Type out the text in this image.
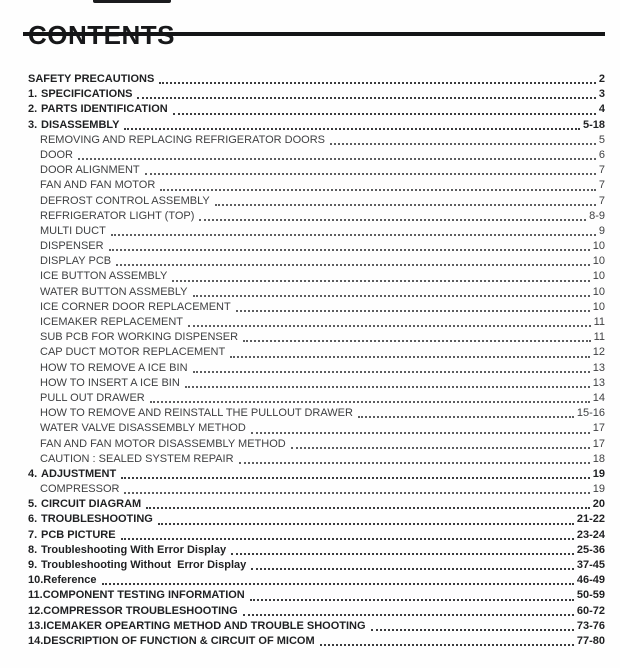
SAFETY PRECAUTIONS	2
1. SPECIFICATIONS	3
2. PARTS IDENTIFICATION	4
3. DISASSEMBLY	5-18
REMOVING AND REPLACING REFRIGERATOR DOORS	5
DOOR	6
DOOR ALIGNMENT	7
FAN AND FAN MOTOR	7
DEFROST CONTROL ASSEMBLY	7
REFRIGERATOR LIGHT (TOP)	8-9
MULTI DUCT	9
DISPENSER	10
DISPLAY PCB	10
ICE BUTTON ASSEMBLY	10
WATER BUTTON ASSMEBLY	10
ICE CORNER DOOR REPLACEMENT	10
ICEMAKER REPLACEMENT	11
SUB PCB FOR WORKING DISPENSER	11
CAP DUCT MOTOR REPLACEMENT	12
HOW TO REMOVE A ICE BIN	13
HOW TO INSERT A ICE BIN	13
PULL OUT DRAWER	14
HOW TO REMOVE AND REINSTALL THE PULLOUT DRAWER	15-16
WATER VALVE DISASSEMBLY METHOD	17
FAN AND FAN MOTOR DISASSEMBLY METHOD	17
CAUTION : SEALED SYSTEM REPAIR	18
4. ADJUSTMENT	19
COMPRESSOR	19
5. CIRCUIT DIAGRAM	20
6. TROUBLESHOOTING	21-22
7. PCB PICTURE	23-24
8. Troubleshooting With Error Display	25-36
9. Troubleshooting Without  Error Display	37-45
10. Reference	46-49
11. COMPONENT TESTING INFORMATION	50-59
12. COMPRESSOR TROUBLESHOOTING	60-72
13. ICEMAKER OPEARTING METHOD AND TROUBLE SHOOTING	73-76
14. DESCRIPTION OF FUNCTION & CIRCUIT OF MICOM	77-80
